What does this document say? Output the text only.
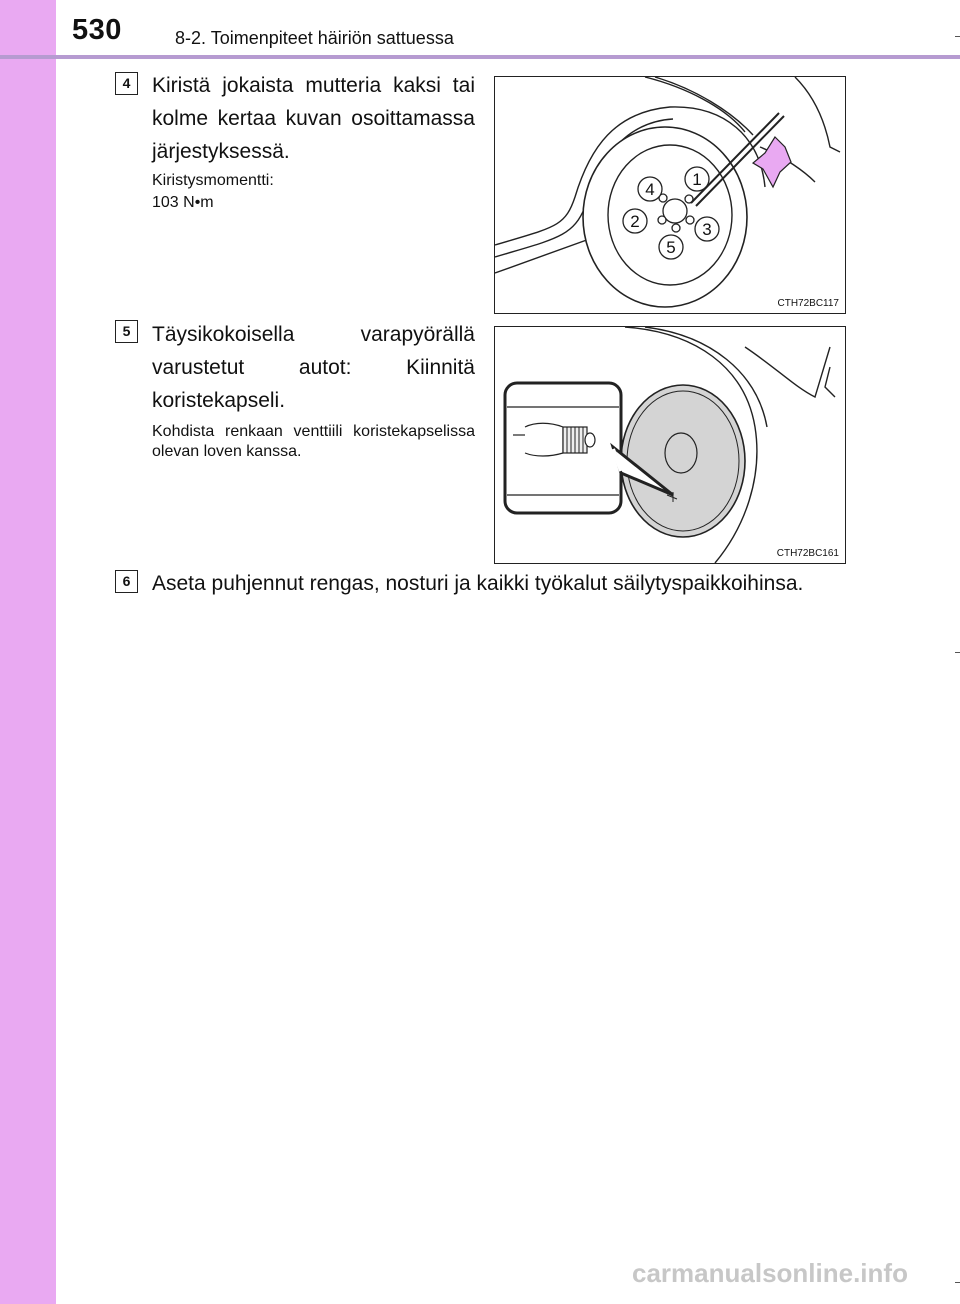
530	8-2. Toimenpiteet häiriön sattuessa
4	Kiristä jokaista mutteria kaksi tai kolme kertaa kuvan osoittamassa järjestyksessä.
Kiristysmomentti:
103 N•m
1
2	3
4
5
CTH72BC117
5	Täysikokoisella varapyörällä varustetut autot: Kiinnitä koristekapseli.
Kohdista renkaan venttiili koristekapselissa olevan loven kanssa.
CTH72BC161
6	Aseta puhjennut rengas, nosturi ja kaikki työkalut säilytyspaikkoihinsa.
carmanualsonline.info
